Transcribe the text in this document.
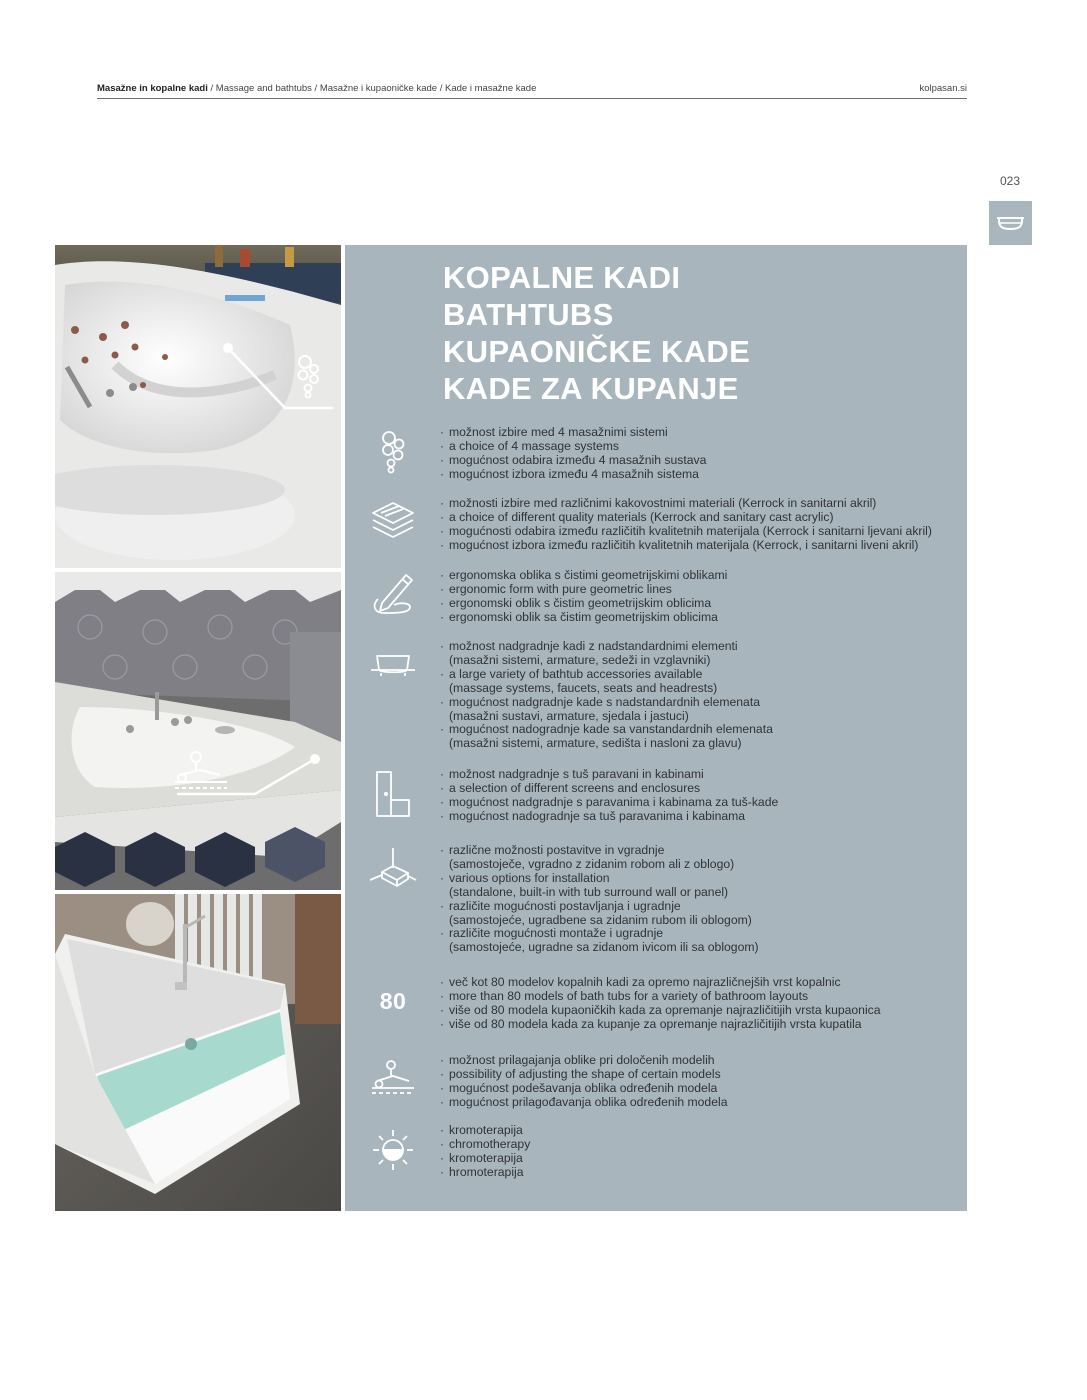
Masažne in kopalne kadi / Massage and bathtubs / Masažne i kupaoničke kade / Kade i masažne kade	kolpasan.si
023
KOPALNE KADI
BATHTUBS
KUPAONIČKE KADE
KADE ZA KUPANJE
· možnost izbire med 4 masažnimi sistemi
· a choice of 4 massage systems
· mogućnost odabira između 4 masažnih sustava
· mogućnost izbora između 4 masažnih sistema
· možnosti izbire med različnimi kakovostnimi materiali (Kerrock in sanitarni akril)
· a choice of different quality materials (Kerrock and sanitary cast acrylic)
· mogućnosti odabira između različitih kvalitetnih materijala (Kerrock i sanitarni ljevani akril)
· mogućnost izbora između različitih kvalitetnih materijala (Kerrock, i sanitarni liveni akril)
· ergonomska oblika s čistimi geometrijskimi oblikami
· ergonomic form with pure geometric lines
· ergonomski oblik s čistim geometrijskim oblicima
· ergonomski oblik sa čistim geometrijskim oblicima
· možnost nadgradnje kadi z nadstandardnimi elementi
(masažni sistemi, armature, sedeži in vzglavniki)
· a large variety of bathtub accessories available
(massage systems, faucets, seats and headrests)
· mogućnost nadgradnje kade s nadstandardnih elemenata
(masažni sustavi, armature, sjedala i jastuci)
· mogućnost nadogradnje kade sa vanstandardnih elemenata
(masažni sistemi, armature, sedišta i nasloni za glavu)
· možnost nadgradnje s tuš paravani in kabinami
· a selection of different screens and enclosures
· mogućnost nadgradnje s paravanima i kabinama za tuš-kade
· mogućnost nadogradnje sa tuš paravanima i kabinama
· različne možnosti postavitve in vgradnje
(samostoječe, vgradno z zidanim robom ali z oblogo)
· various options for installation
(standalone, built-in with tub surround wall or panel)
· različite mogućnosti postavljanja i ugradnje
(samostojeće, ugradbene sa zidanim rubom ili oblogom)
· različite mogućnosti montaže i ugradnje
(samostojeće, ugradne sa zidanom ivicom ili sa oblogom)
80
· več kot 80 modelov kopalnih kadi za opremo najrazličnejših vrst kopalnic
· more than 80 models of bath tubs for a variety of bathroom layouts
· više od 80 modela kupaoničkih kada za opremanje najrazličitijih vrsta kupaonica
· više od 80 modela kada za kupanje za opremanje najrazličitijih vrsta kupatila
· možnost prilagajanja oblike pri določenih modelih
· possibility of adjusting the shape of certain models
· mogućnost podešavanja oblika određenih modela
· mogućnost prilagođavanja oblika određenih modela
· kromoterapija
· chromotherapy
· kromoterapija
· hromoterapija
